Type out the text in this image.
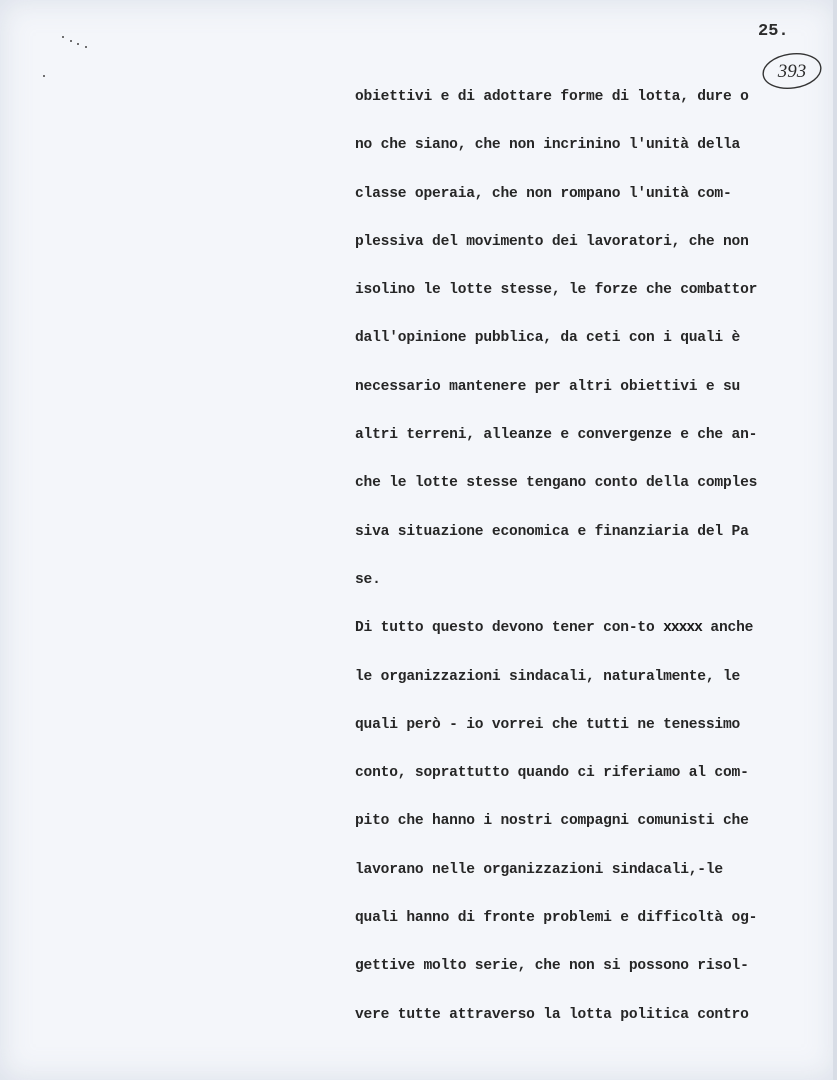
25.
393
obiettivi e di adottare forme di lotta, dure o
no che siano, che non incrinino l'unità della
classe operaia, che non rompano l'unità com-
plessiva del movimento dei lavoratori, che non
isolino le lotte stesse, le forze che combattor
dall'opinione pubblica, da ceti con i quali è
necessario mantenere per altri obiettivi e su
altri terreni, alleanze e convergenze e che an-
che le lotte stesse tengano conto della comples
siva situazione economica e finanziaria del Pa
se.
Di tutto questo devono tener con-to xxxxx anche
le organizzazioni sindacali, naturalmente, le
quali però - io vorrei che tutti ne tenessimo
conto, soprattutto quando ci riferiamo al com-
pito che hanno i nostri compagni comunisti che
lavorano nelle organizzazioni sindacali,-le
quali hanno di fronte problemi e difficoltà og-
gettive molto serie, che non si possono risol-
vere tutte attraverso la lotta politica contro
